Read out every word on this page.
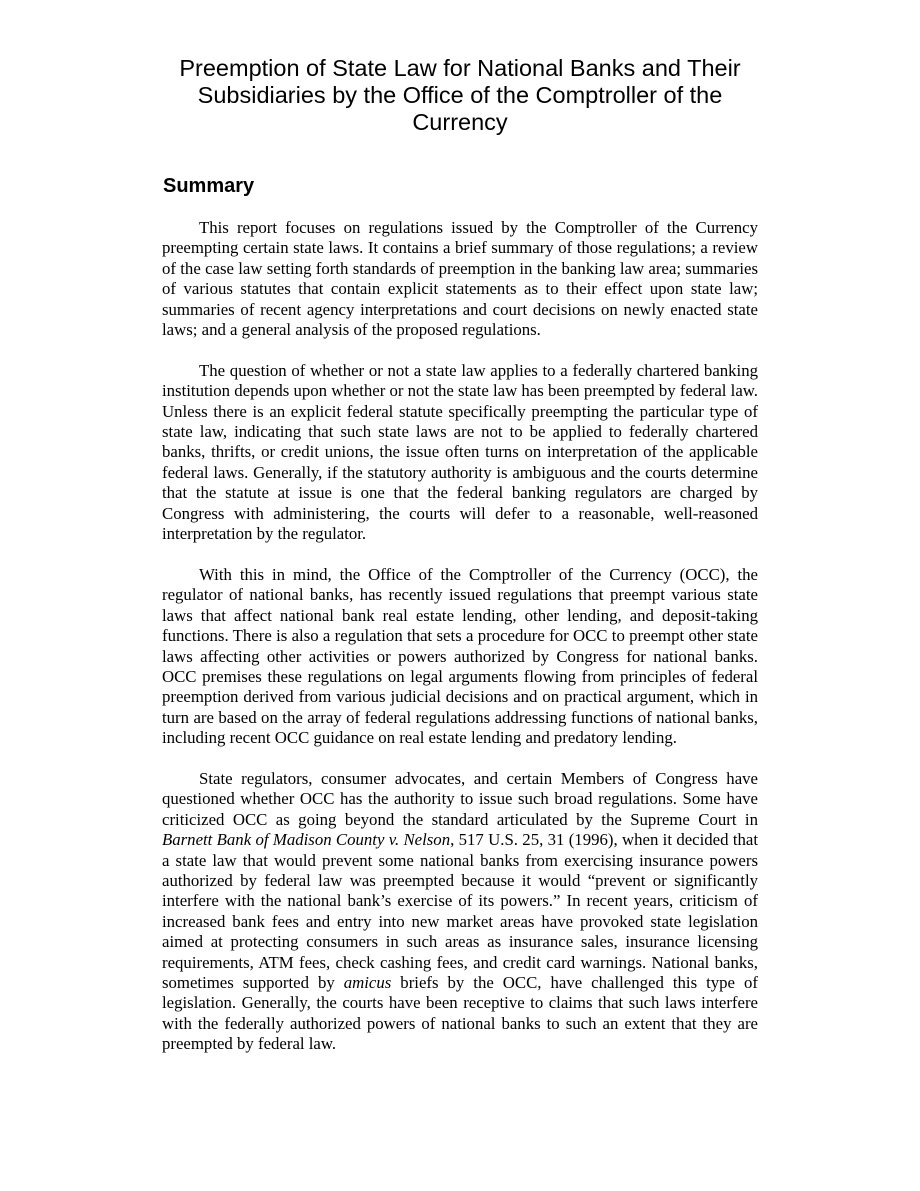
Preemption of State Law for National Banks and Their
Subsidiaries by the Office of the Comptroller of the
Currency
Summary

This report focuses on regulations issued by the Comptroller of the Currency preempting certain state laws. It contains a brief summary of those regulations; a review of the case law setting forth standards of preemption in the banking law area; summaries of various statutes that contain explicit statements as to their effect upon state law; summaries of recent agency interpretations and court decisions on newly enacted state laws; and a general analysis of the proposed regulations.

The question of whether or not a state law applies to a federally chartered banking institution depends upon whether or not the state law has been preempted by federal law. Unless there is an explicit federal statute specifically preempting the particular type of state law, indicating that such state laws are not to be applied to federally chartered banks, thrifts, or credit unions, the issue often turns on interpretation of the applicable federal laws. Generally, if the statutory authority is ambiguous and the courts determine that the statute at issue is one that the federal banking regulators are charged by Congress with administering, the courts will defer to a reasonable, well-reasoned interpretation by the regulator.

With this in mind, the Office of the Comptroller of the Currency (OCC), the regulator of national banks, has recently issued regulations that preempt various state laws that affect national bank real estate lending, other lending, and deposit-taking functions. There is also a regulation that sets a procedure for OCC to preempt other state laws affecting other activities or powers authorized by Congress for national banks. OCC premises these regulations on legal arguments flowing from principles of federal preemption derived from various judicial decisions and on practical argument, which in turn are based on the array of federal regulations addressing functions of national banks, including recent OCC guidance on real estate lending and predatory lending.

State regulators, consumer advocates, and certain Members of Congress have questioned whether OCC has the authority to issue such broad regulations. Some have criticized OCC as going beyond the standard articulated by the Supreme Court in Barnett Bank of Madison County v. Nelson, 517 U.S. 25, 31 (1996), when it decided that a state law that would prevent some national banks from exercising insurance powers authorized by federal law was preempted because it would “prevent or significantly interfere with the national bank’s exercise of its powers.” In recent years, criticism of increased bank fees and entry into new market areas have provoked state legislation aimed at protecting consumers in such areas as insurance sales, insurance licensing requirements, ATM fees, check cashing fees, and credit card warnings. National banks, sometimes supported by amicus briefs by the OCC, have challenged this type of legislation. Generally, the courts have been receptive to claims that such laws interfere with the federally authorized powers of national banks to such an extent that they are preempted by federal law.
